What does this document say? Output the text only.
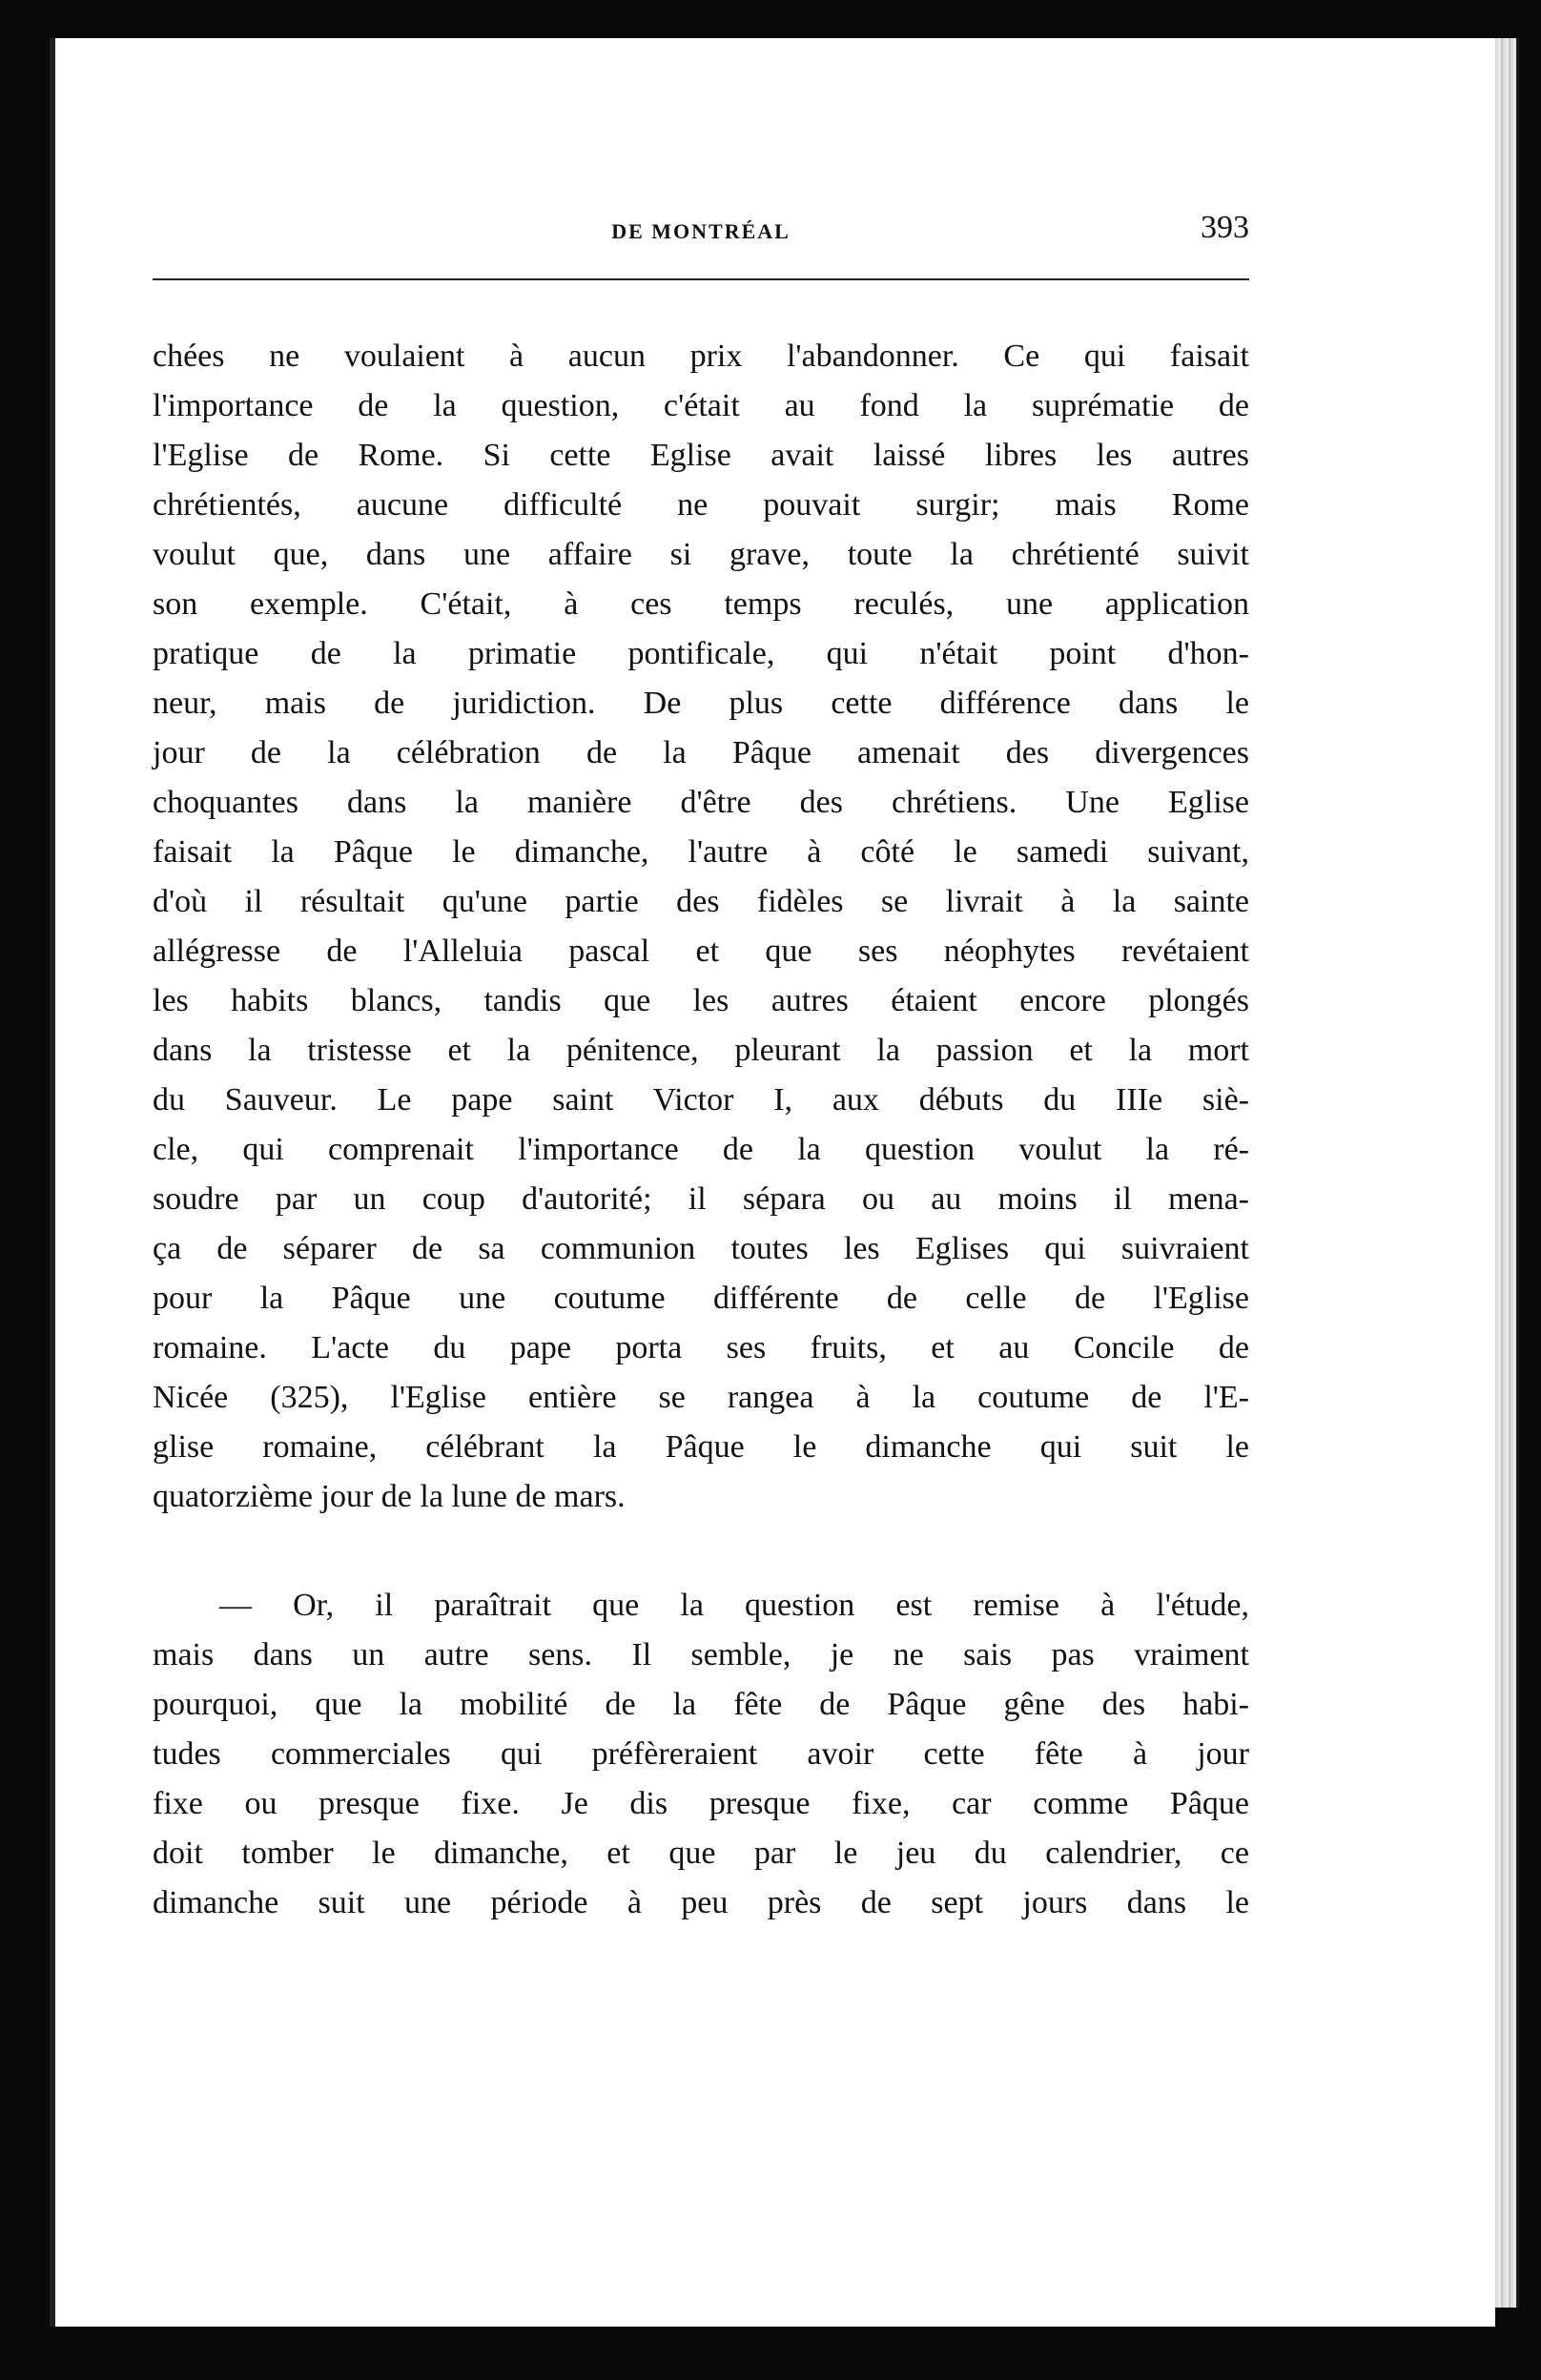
DE MONTRÉAL	393
chées ne voulaient à aucun prix l'abandonner. Ce qui faisait
l'importance de la question, c'était au fond la suprématie de
l'Eglise de Rome. Si cette Eglise avait laissé libres les autres
chrétientés, aucune difficulté ne pouvait surgir; mais Rome
voulut que, dans une affaire si grave, toute la chrétienté suivit
son exemple. C'était, à ces temps reculés, une application
pratique de la primatie pontificale, qui n'était point d'hon-
neur, mais de juridiction. De plus cette différence dans le
jour de la célébration de la Pâque amenait des divergences
choquantes dans la manière d'être des chrétiens. Une Eglise
faisait la Pâque le dimanche, l'autre à côté le samedi suivant,
d'où il résultait qu'une partie des fidèles se livrait à la sainte
allégresse de l'Alleluia pascal et que ses néophytes revétaient
les habits blancs, tandis que les autres étaient encore plongés
dans la tristesse et la pénitence, pleurant la passion et la mort
du Sauveur. Le pape saint Victor I, aux débuts du IIIe siè-
cle, qui comprenait l'importance de la question voulut la ré-
soudre par un coup d'autorité; il sépara ou au moins il mena-
ça de séparer de sa communion toutes les Eglises qui suivraient
pour la Pâque une coutume différente de celle de l'Eglise
romaine. L'acte du pape porta ses fruits, et au Concile de
Nicée (325), l'Eglise entière se rangea à la coutume de l'E-
glise romaine, célébrant la Pâque le dimanche qui suit le
quatorzième jour de la lune de mars.
— Or, il paraîtrait que la question est remise à l'étude,
mais dans un autre sens. Il semble, je ne sais pas vraiment
pourquoi, que la mobilité de la fête de Pâque gêne des habi-
tudes commerciales qui préfèreraient avoir cette fête à jour
fixe ou presque fixe. Je dis presque fixe, car comme Pâque
doit tomber le dimanche, et que par le jeu du calendrier, ce
dimanche suit une période à peu près de sept jours dans le
